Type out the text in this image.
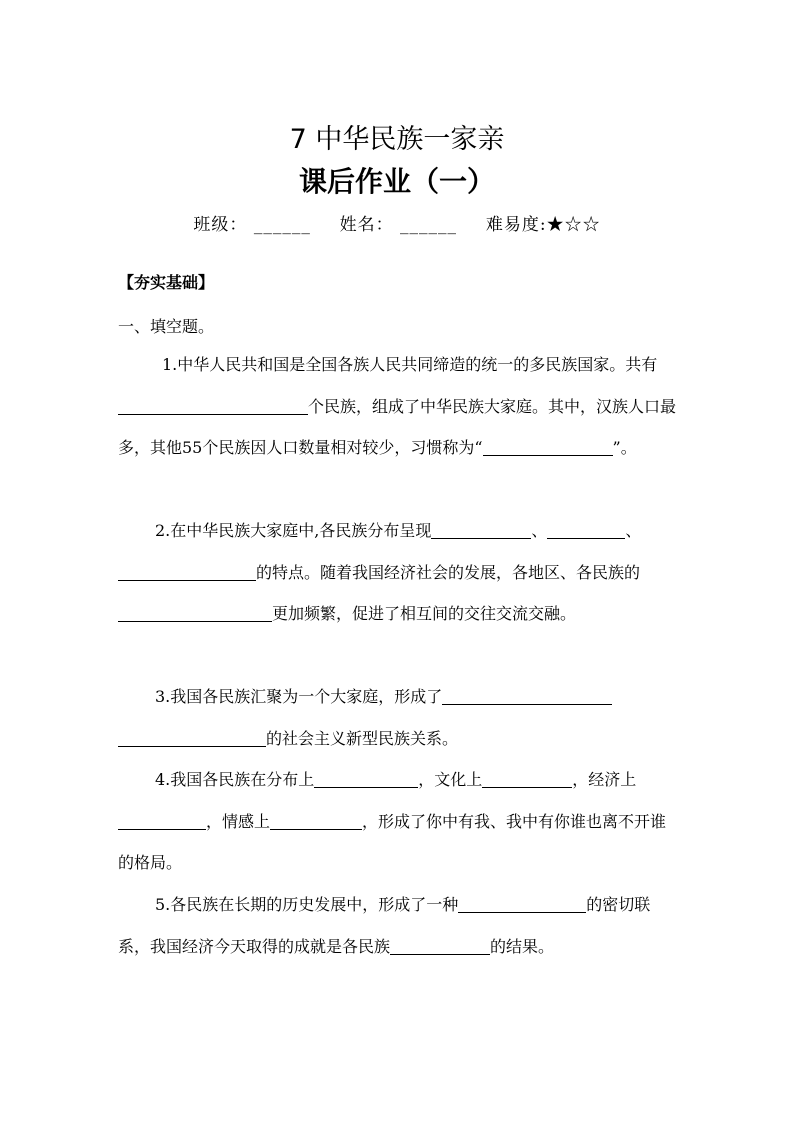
7 中华民族一家亲
课后作业（一）
班级： ______ 姓名： ______ 难易度:★☆☆
【夯实基础】
一、填空题。
1.中华人民共和国是全国各族人民共同缔造的统一的多民族国家。共有个民族，组成了中华民族大家庭。其中，汉族人口最多，其他55个民族因人口数量相对较少，习惯称为“	”。
2.在中华民族大家庭中,各民族分布呈现	、	、的特点。随着我国经济社会的发展，各地区、各民族的更加频繁，促进了相互间的交往交流交融。
3.我国各民族汇聚为一个大家庭，形成了的社会主义新型民族关系。
4.我国各民族在分布上	，文化上	，经济上，情感上	，形成了你中有我、我中有你谁也离不开谁的格局。
5.各民族在长期的历史发展中，形成了一种	的密切联系，我国经济今天取得的成就是各民族	的结果。
